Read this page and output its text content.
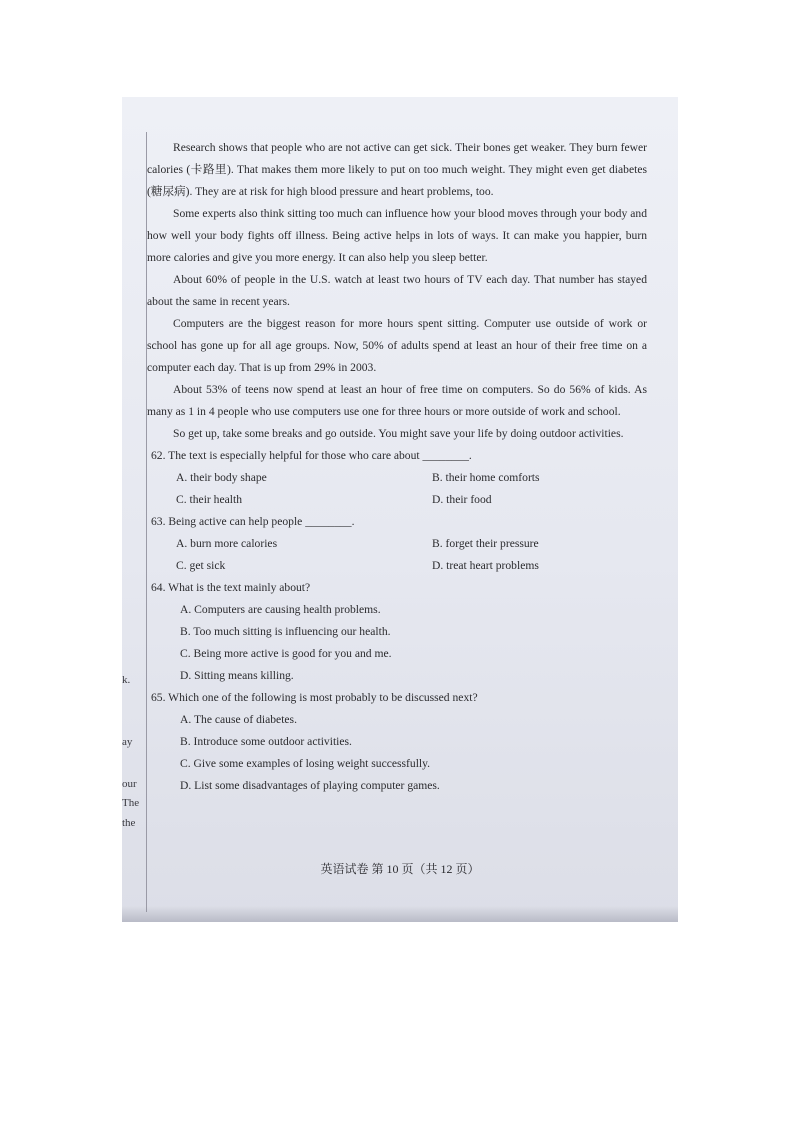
k.
ay
our
The
the

Research shows that people who are not active can get sick. Their bones get weaker. They burn fewer calories (卡路里). That makes them more likely to put on too much weight. They might even get diabetes (糖尿病). They are at risk for high blood pressure and heart problems, too.

Some experts also think sitting too much can influence how your blood moves through your body and how well your body fights off illness. Being active helps in lots of ways. It can make you happier, burn more calories and give you more energy. It can also help you sleep better.

About 60% of people in the U.S. watch at least two hours of TV each day. That number has stayed about the same in recent years.

Computers are the biggest reason for more hours spent sitting. Computer use outside of work or school has gone up for all age groups. Now, 50% of adults spend at least an hour of their free time on a computer each day. That is up from 29% in 2003.

About 53% of teens now spend at least an hour of free time on computers. So do 56% of kids. As many as 1 in 4 people who use computers use one for three hours or more outside of work and school.

So get up, take some breaks and go outside. You might save your life by doing outdoor activities.

62. The text is especially helpful for those who care about ________.

A. their body shape	B. their home comforts

C. their health	D. their food

63. Being active can help people ________.

A. burn more calories	B. forget their pressure

C. get sick	D. treat heart problems

64. What is the text mainly about?

A. Computers are causing health problems.

B. Too much sitting is influencing our health.

C. Being more active is good for you and me.

D. Sitting means killing.

65. Which one of the following is most probably to be discussed next?

A. The cause of diabetes.

B. Introduce some outdoor activities.

C. Give some examples of losing weight successfully.

D. List some disadvantages of playing computer games.

英语试卷 第 10 页（共 12 页）
